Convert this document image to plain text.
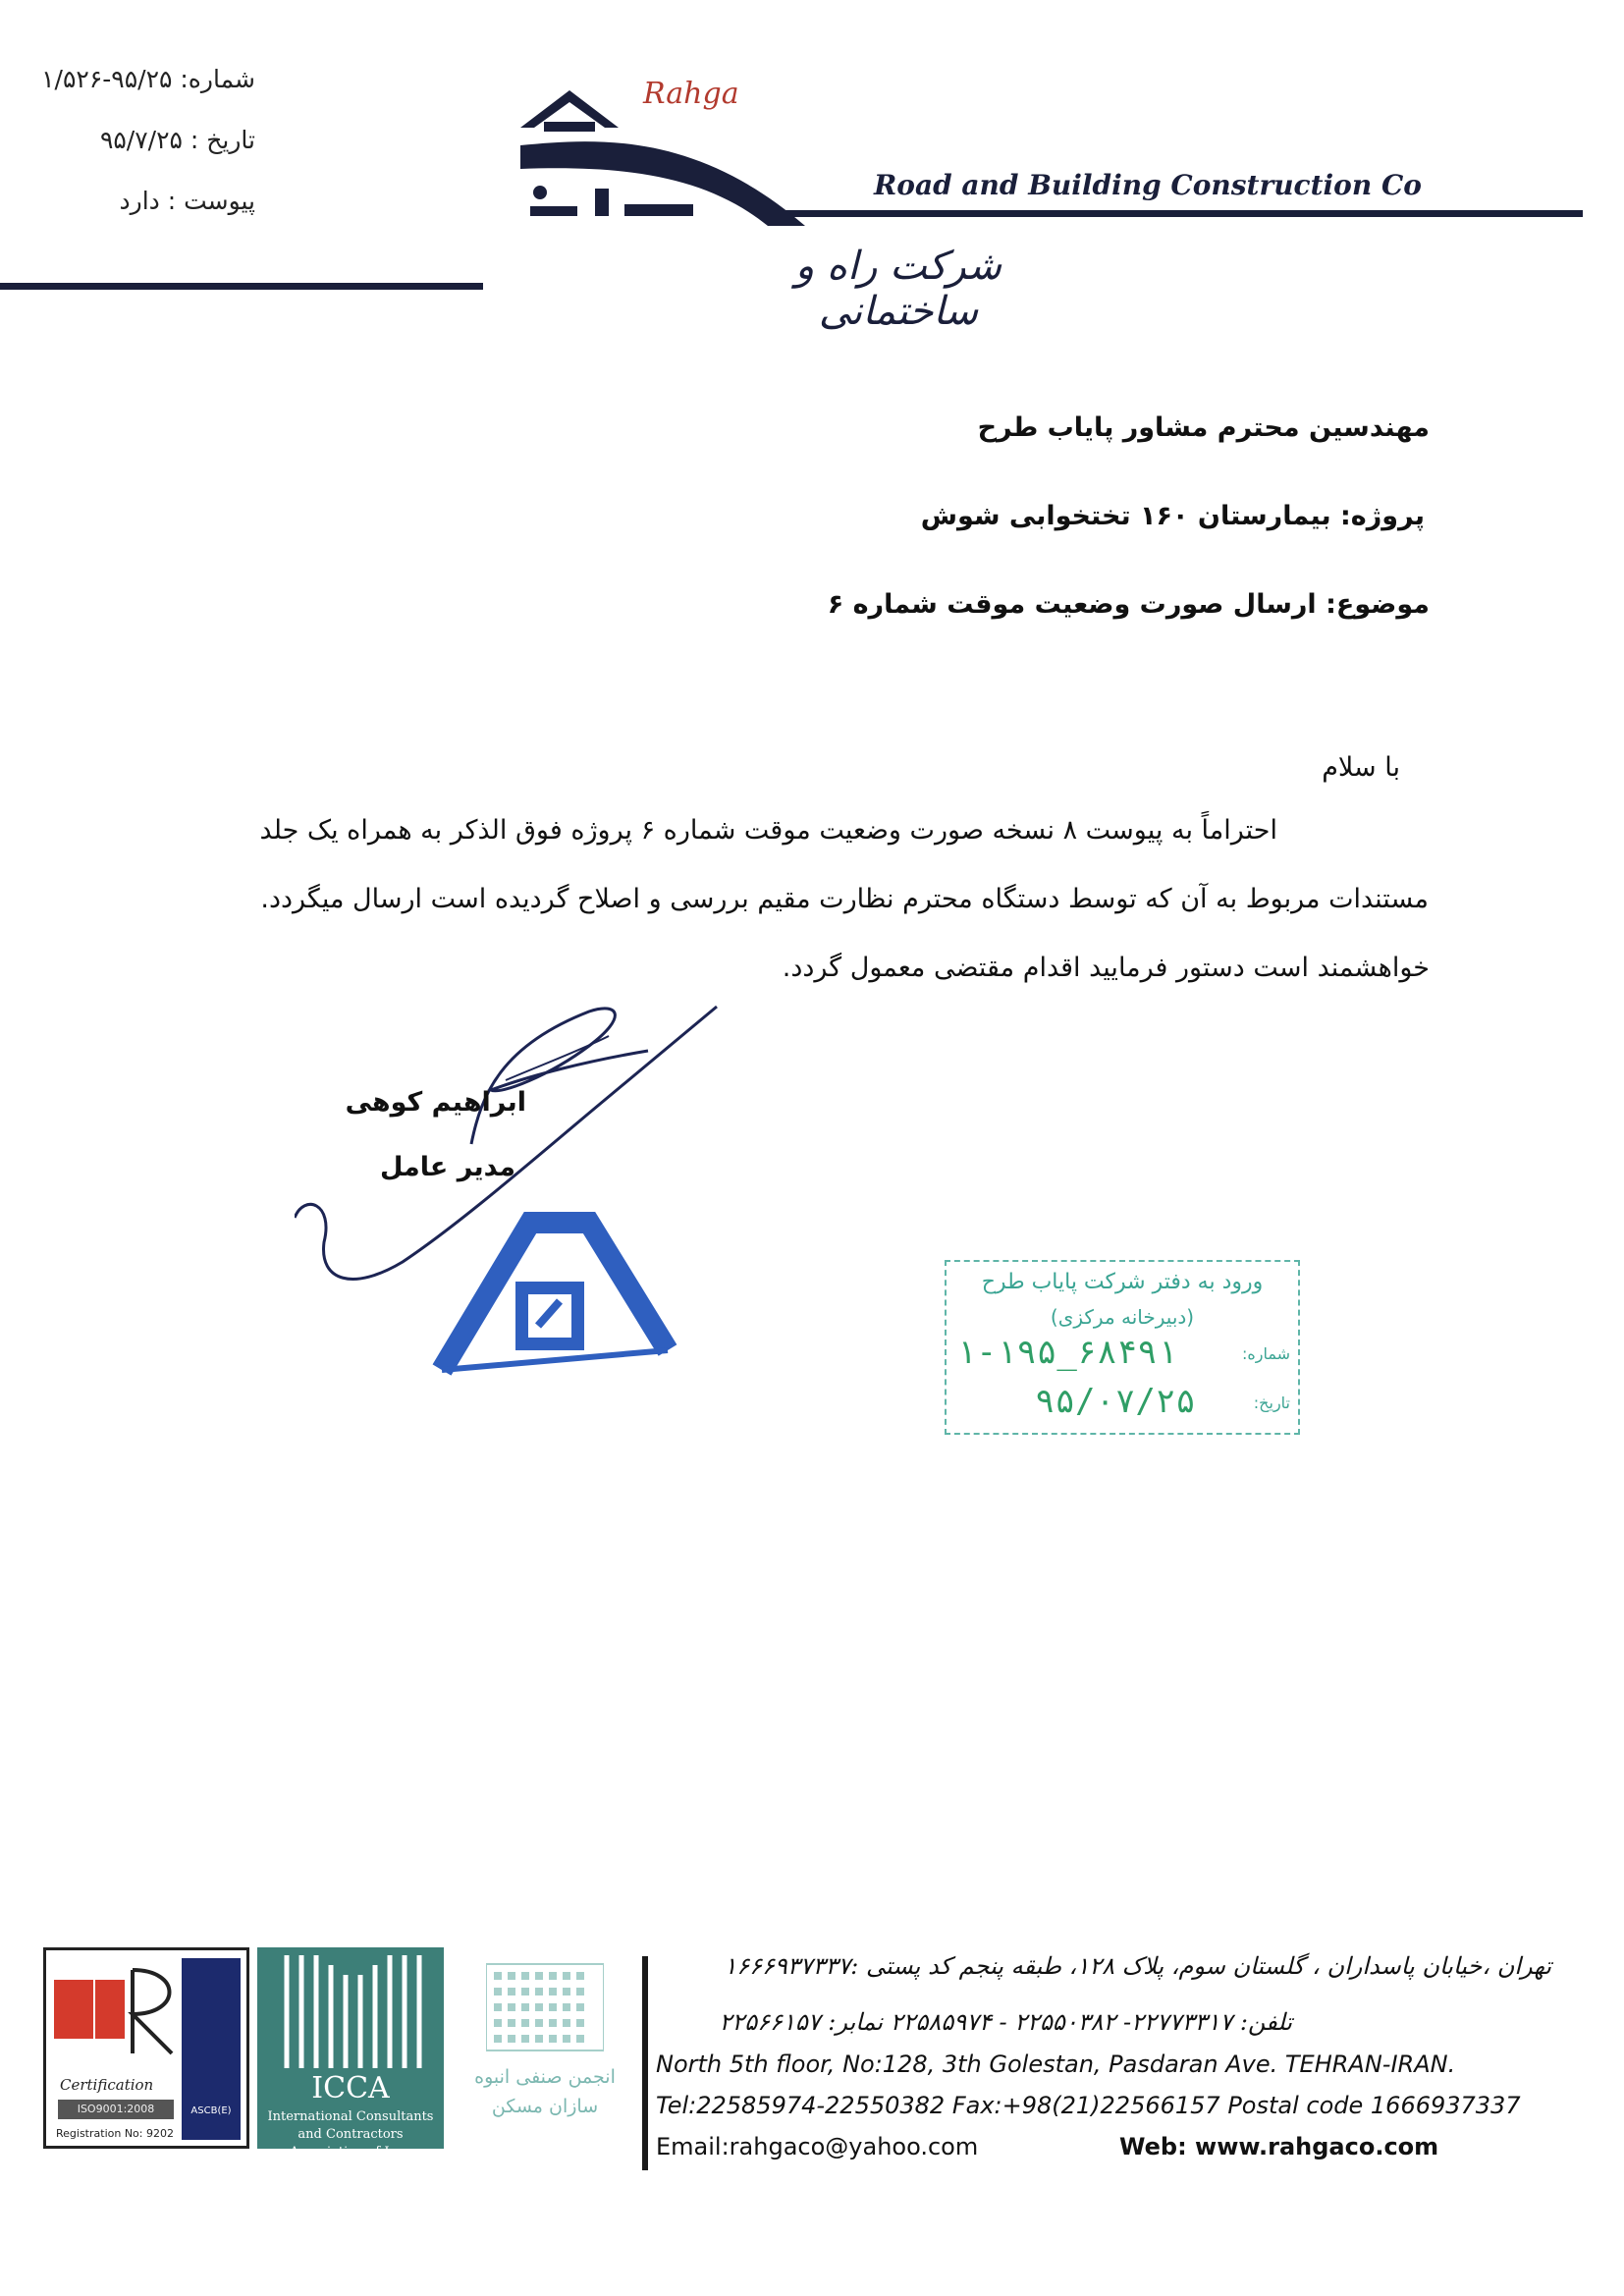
شماره: ۹۵/۲۵-۱/۵۲۶
تاریخ : ۹۵/۷/۲۵
پیوست : دارد
Rahga
Road and Building Construction Co
شرکت راه و ساختمانی
مهندسین محترم مشاور پایاب طرح
پروژه: بیمارستان ۱۶۰ تختخوابی شوش
موضوع: ارسال صورت وضعیت موقت شماره ۶
با سلام
احتراماً به پیوست ۸ نسخه صورت وضعیت موقت شماره ۶ پروژه فوق الذکر به همراه یک جلد
مستندات مربوط به آن که توسط دستگاه محترم نظارت مقیم بررسی و اصلاح گردیده است ارسال میگردد.
خواهشمند است دستور فرمایید اقدام مقتضی معمول گردد.
ابراهیم کوهی
مدیر عامل
ورود به دفتر شرکت پایاب طرح
(دبیرخانه مرکزی)
شماره:
۱-۱۹۵_۶۸۴۹۱
تاریخ:
۹۵/۰۷/۲۵
Certification
ISO9001:2008
Registration No: 9202
ASCB(E)
ICCA
International Consultants and Contractors Association of Iran
انجمن صنفی انبوه سازان مسکن
تهران ،خیابان پاسداران ، گلستان سوم، پلاک ۱۲۸، طبقه پنجم کد پستی :۱۶۶۶۹۳۷۳۳۷
تلفن: ۲۲۷۷۳۳۱۷- ۲۲۵۵۰۳۸۲ - ۲۲۵۸۵۹۷۴ نمابر: ۲۲۵۶۶۱۵۷
North 5th floor, No:128, 3th Golestan, Pasdaran Ave. TEHRAN-IRAN.
Tel:22585974-22550382 Fax:+98(21)22566157 Postal code 1666937337
Email:rahgaco@yahoo.com	Web: www.rahgaco.com
